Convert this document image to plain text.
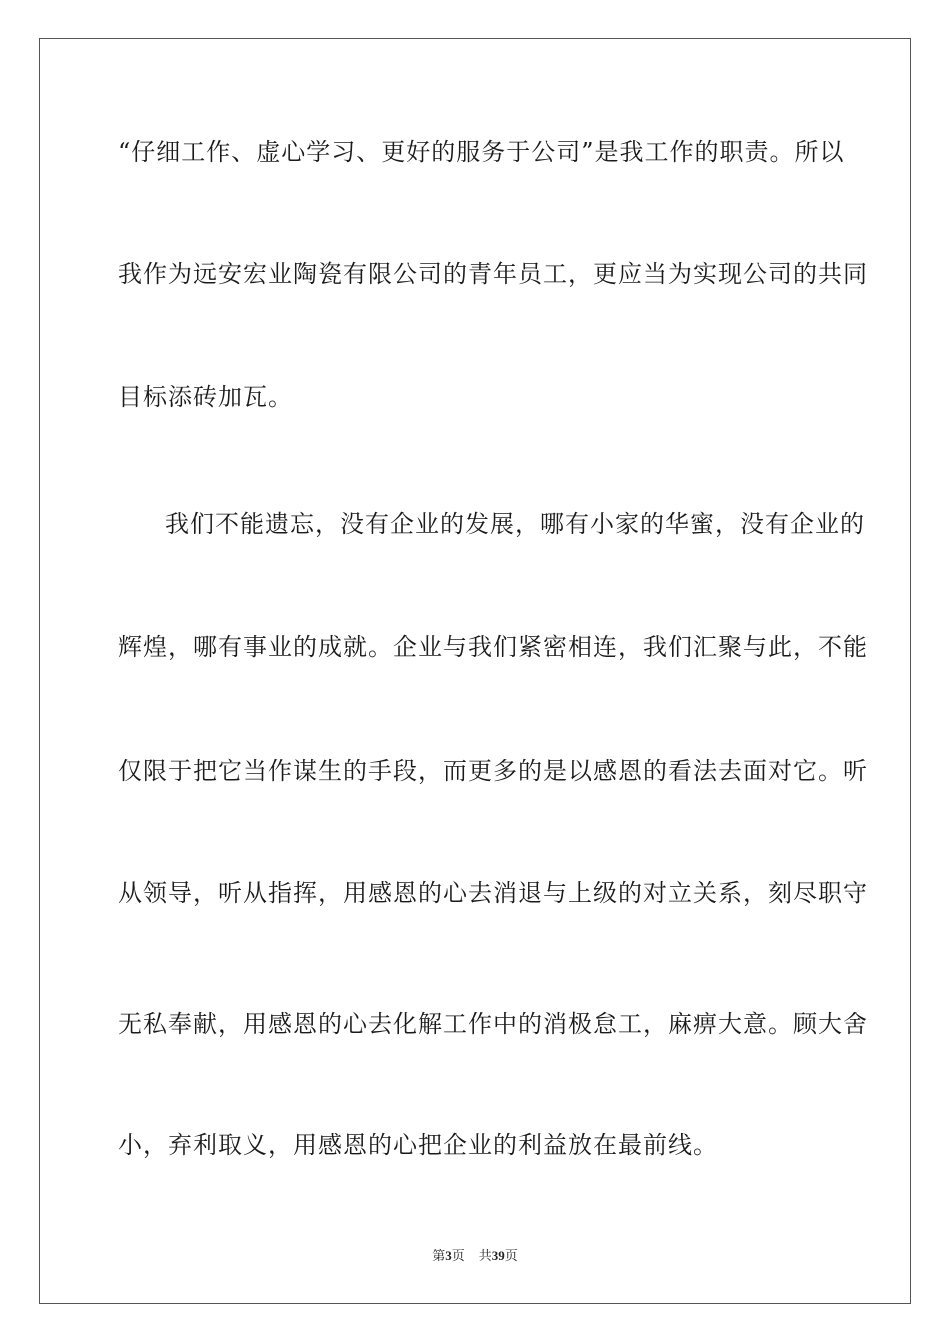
“仔细工作、虚心学习、更好的服务于公司”是我工作的职责。所以
我作为远安宏业陶瓷有限公司的青年员工，更应当为实现公司的共同
目标添砖加瓦。
我们不能遗忘，没有企业的发展，哪有小家的华蜜，没有企业的
辉煌，哪有事业的成就。企业与我们紧密相连，我们汇聚与此，不能
仅限于把它当作谋生的手段，而更多的是以感恩的看法去面对它。听
从领导，听从指挥，用感恩的心去消退与上级的对立关系，刻尽职守
无私奉献，用感恩的心去化解工作中的消极怠工，麻痹大意。顾大舍
小，弃利取义，用感恩的心把企业的利益放在最前线。
第3页 共39页
